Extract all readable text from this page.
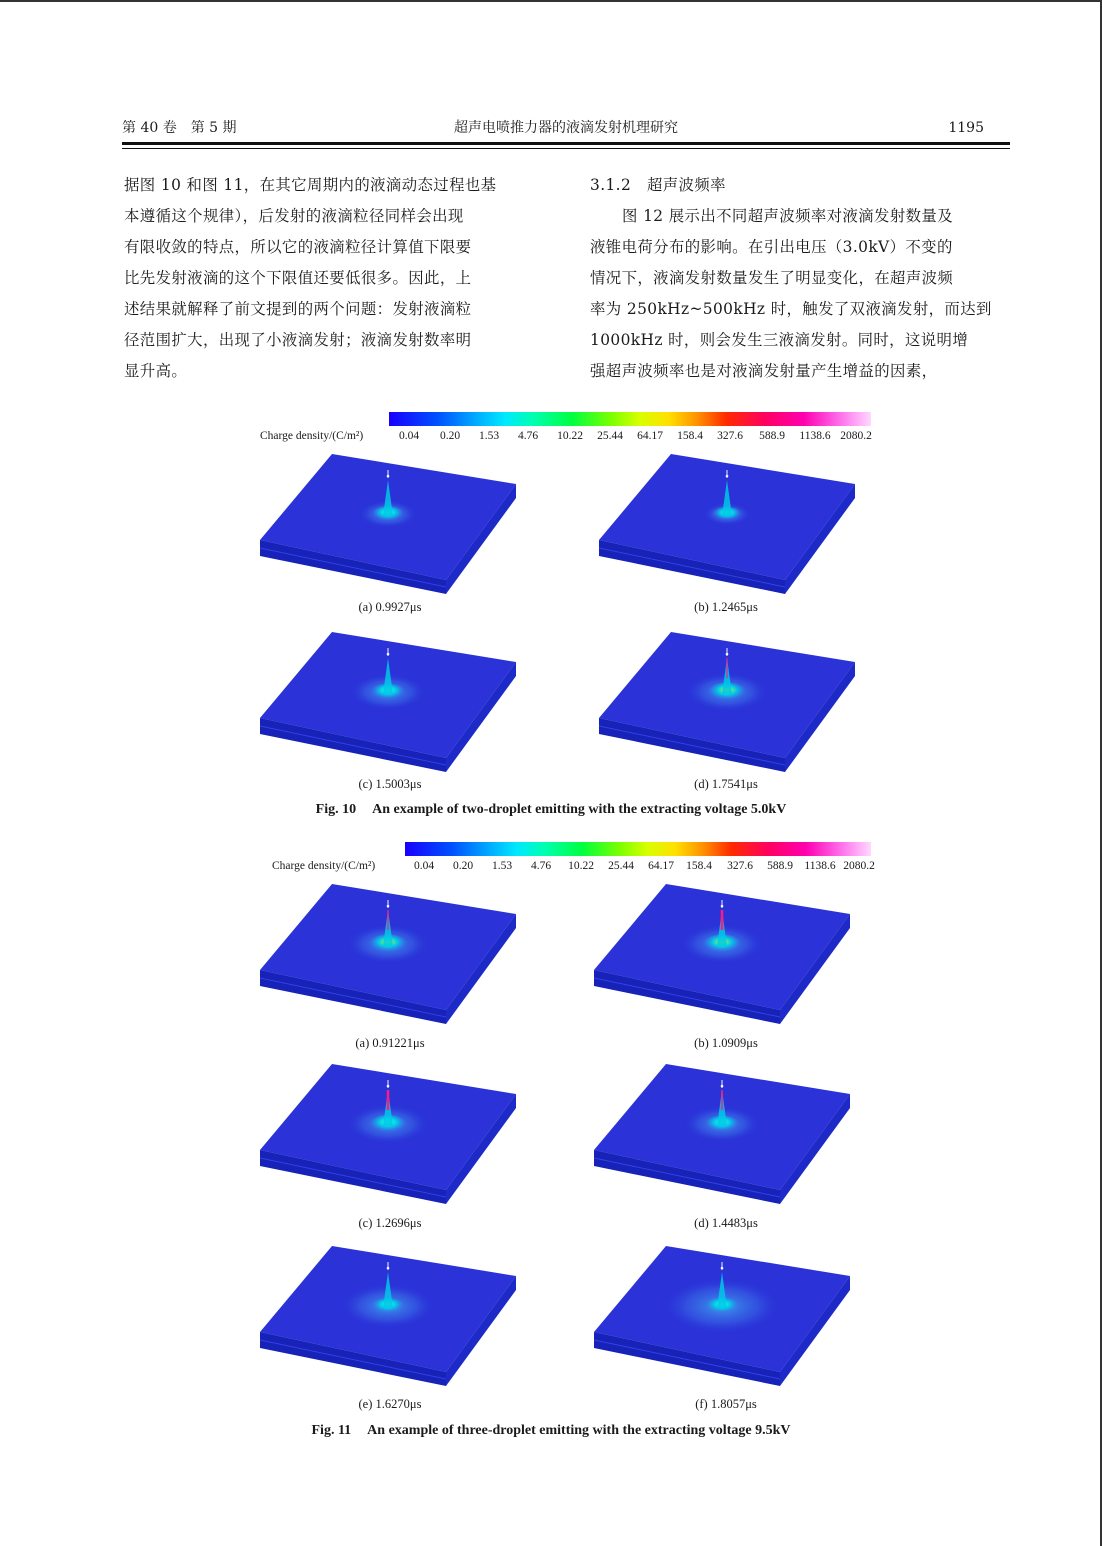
第 40 卷　第 5 期	超声电喷推力器的液滴发射机理研究	1195
据图 10 和图 11，在其它周期内的液滴动态过程也基
本遵循这个规律），后发射的液滴粒径同样会出现
有限收敛的特点，所以它的液滴粒径计算值下限要
比先发射液滴的这个下限值还要低很多。因此，上
述结果就解释了前文提到的两个问题：发射液滴粒
径范围扩大，出现了小液滴发射；液滴发射数率明
显升高。
3.1.2　超声波频率
图 12 展示出不同超声波频率对液滴发射数量及
液锥电荷分布的影响。在引出电压（3.0kV）不变的
情况下，液滴发射数量发生了明显变化，在超声波频
率为 250kHz~500kHz 时，触发了双液滴发射，而达到
1000kHz 时，则会发生三液滴发射。同时，这说明增
强超声波频率也是对液滴发射量产生增益的因素，
Charge density/(C/m²)	0.04 0.20 1.53 4.76 10.22 25.44 64.17 158.4 327.6 588.9 1138.6 2080.2
(a) 0.9927μs	(b) 1.2465μs
(c) 1.5003μs	(d) 1.7541μs
Fig. 10 An example of two-droplet emitting with the extracting voltage 5.0kV
Charge density/(C/m²)	0.04 0.20 1.53 4.76 10.22 25.44 64.17 158.4 327.6 588.9 1138.6 2080.2
(a) 0.91221μs	(b) 1.0909μs
(c) 1.2696μs	(d) 1.4483μs
(e) 1.6270μs	(f) 1.8057μs
Fig. 11 An example of three-droplet emitting with the extracting voltage 9.5kV
